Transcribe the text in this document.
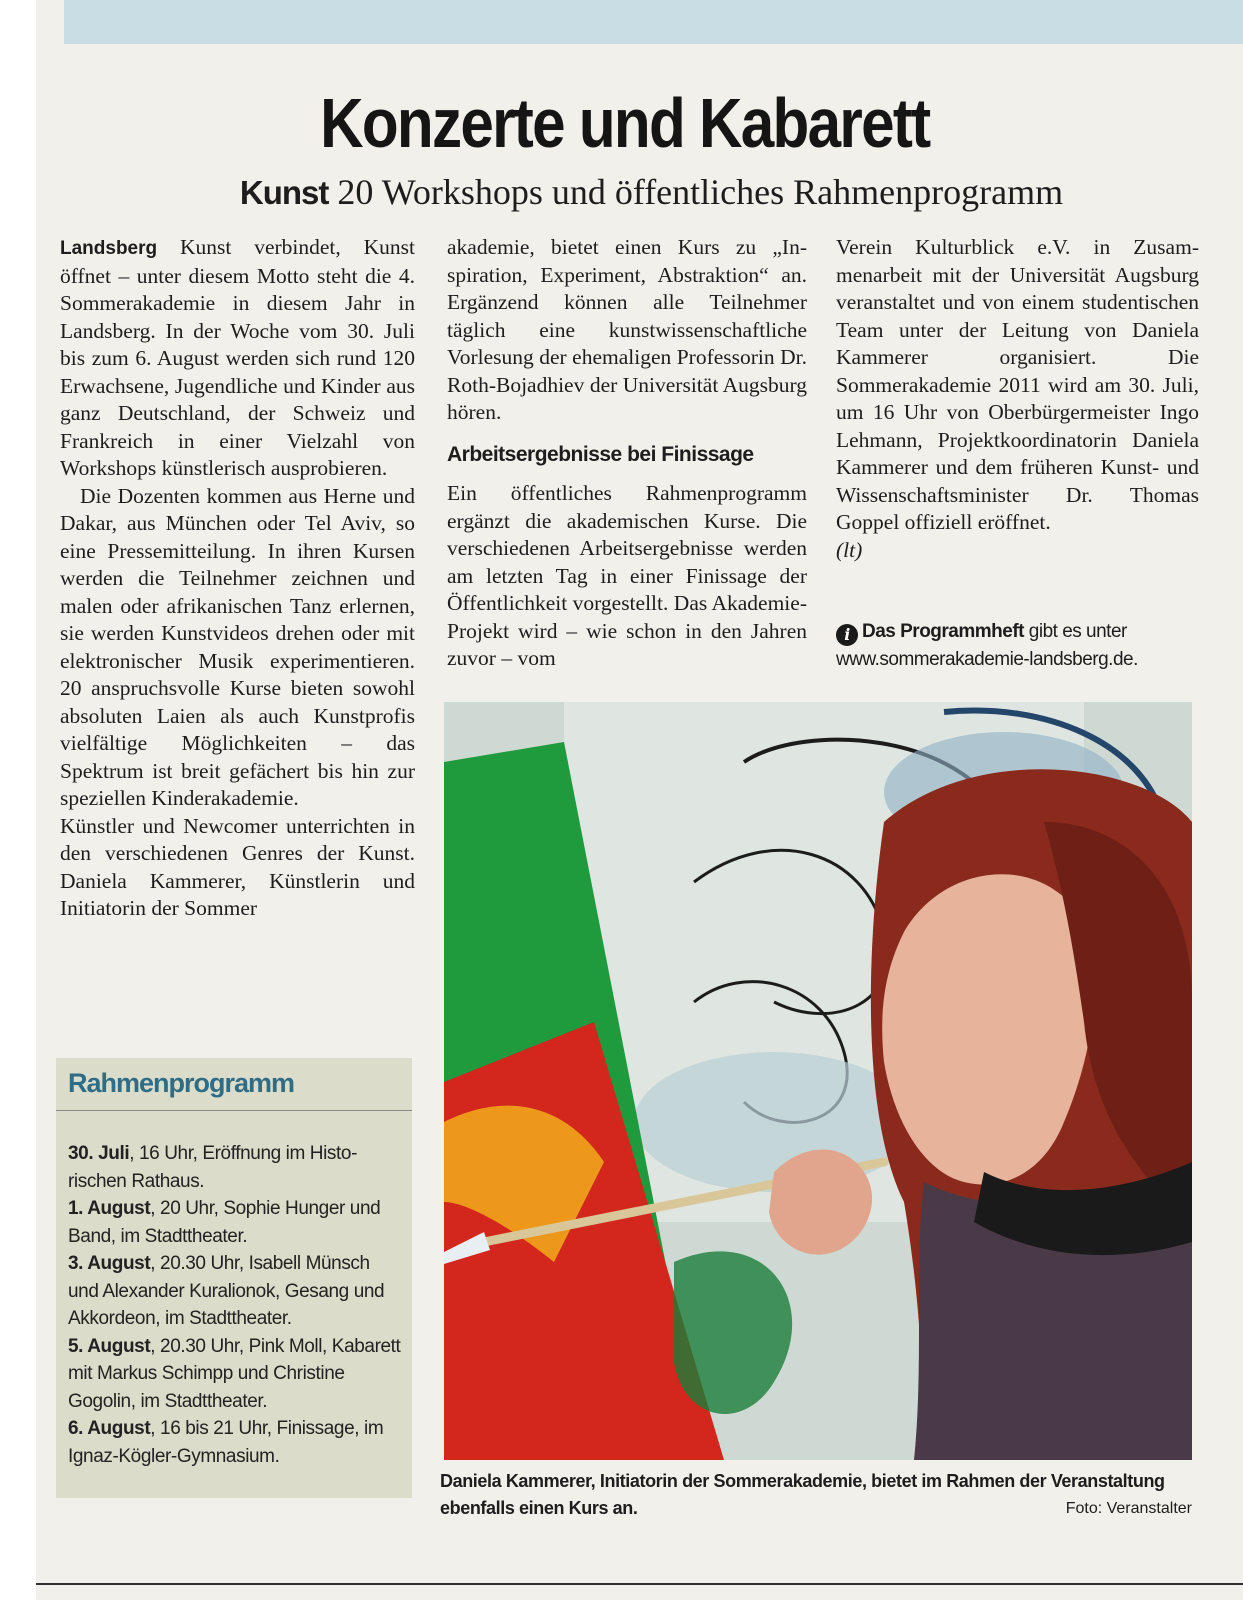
Konzerte und Kabarett
Kunst 20 Workshops und öffentliches Rahmenprogramm

Landsberg Kunst verbindet, Kunst öffnet – unter diesem Motto steht die 4. Sommerakademie in diesem Jahr in Landsberg. In der Woche vom 30. Juli bis zum 6. August werden sich rund 120 Erwachsene, Jugendliche und Kinder aus ganz Deutschland, der Schweiz und Frankreich in einer Vielzahl von Workshops künstlerisch ausprobieren.

Die Dozenten kommen aus Herne und Dakar, aus München oder Tel Aviv, so eine Pressemitteilung. In ihren Kursen werden die Teilnehmer zeichnen und malen oder afrikanischen Tanz erlernen, sie werden Kunstvideos drehen oder mit elektronischer Musik experimentieren. 20 anspruchsvolle Kurse bieten sowohl absoluten Laien als auch Kunstprofis vielfältige Möglichkeiten – das Spektrum ist breit gefächert bis hin zur speziellen Kinderakademie.

Künstler und Newcomer unterrichten in den verschiedenen Genres der Kunst. Daniela Kammerer, Künstlerin und Initiatorin der Sommer

akademie, bietet einen Kurs zu „Inspiration, Experiment, Abstraktion“ an. Ergänzend können alle Teilnehmer täglich eine kunstwissenschaftliche Vorlesung der ehemaligen Professorin Dr. Roth-Bojadhiev der Universität Augsburg hören.

Arbeitsergebnisse bei Finissage

Ein öffentliches Rahmenprogramm ergänzt die akademischen Kurse. Die verschiedenen Arbeitsergebnisse werden am letzten Tag in einer Finissage der Öffentlichkeit vorgestellt. Das Akademie-Projekt wird – wie schon in den Jahren zuvor – vom

Verein Kulturblick e.V. in Zusammenarbeit mit der Universität Augsburg veranstaltet und von einem studentischen Team unter der Leitung von Daniela Kammerer organisiert. Die Sommerakademie 2011 wird am 30. Juli, um 16 Uhr von Oberbürgermeister Ingo Lehmann, Projektkoordinatorin Daniela Kammerer und dem früheren Kunst- und Wissenschaftsminister Dr. Thomas Goppel offiziell eröffnet.

(lt)

i Das Programmheft gibt es unter
www.sommerakademie-landsberg.de.
Rahmenprogramm
30. Juli, 16 Uhr, Eröffnung im Historischen Rathaus.
1. August, 20 Uhr, Sophie Hunger und Band, im Stadttheater.
3. August, 20.30 Uhr, Isabell Münsch und Alexander Kuralionok, Gesang und Akkordeon, im Stadttheater.
5. August, 20.30 Uhr, Pink Moll, Kabarett mit Markus Schimpp und Christine Gogolin, im Stadttheater.
6. August, 16 bis 21 Uhr, Finissage, im Ignaz-Kögler-Gymnasium.
Daniela Kammerer, Initiatorin der Sommerakademie, bietet im Rahmen der Veranstaltung ebenfalls einen Kurs an.	Foto: Veranstalter
